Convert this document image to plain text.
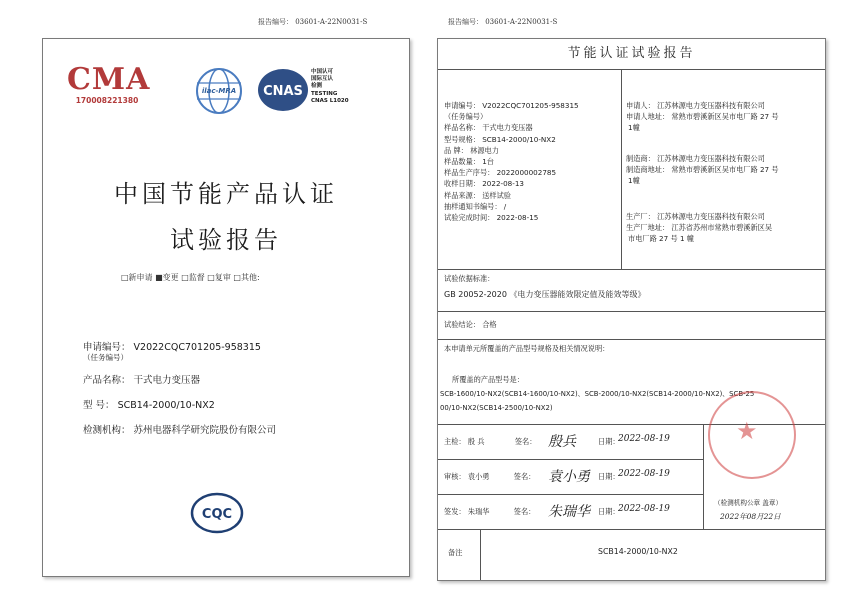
报告编号： 03601-A-22N0031-S
CMA
170008221380
ilac-MRA	CNAS
中国认可
国际互认
检测
TESTING
CNAS L1020
中国节能产品认证
试验报告
□新申请 ■变更 □监督 □复审 □其他:
申请编号： V2022CQC701205-958315
（任务编号）
产品名称： 干式电力变压器
型 号： SCB14-2000/10-NX2
检测机构： 苏州电器科学研究院股份有限公司
CQC
报告编号： 03601-A-22N0031-S
节能认证试验报告
申请编号： V2022CQC701205-958315
（任务编号）
样品名称： 干式电力变压器
型号规格： SCB14-2000/10-NX2
品 牌： 林源电力
样品数量： 1台
样品生产序号： 2022000002785
收样日期： 2022-08-13
样品来源： 送样试验
抽样通知书编号： /
试验完成时间： 2022-08-15
申请人： 江苏林源电力变压器科技有限公司
申请人地址： 常熟市碧溪新区吴市电厂路 27 号
1幢
制造商： 江苏林源电力变压器科技有限公司
制造商地址： 常熟市碧溪新区吴市电厂路 27 号
1幢
生产厂： 江苏林源电力变压器科技有限公司
生产厂地址： 江苏省苏州市常熟市碧溪新区吴
市电厂路 27 号 1 幢
试验依据标准：
GB 20052-2020 《电力变压器能效限定值及能效等级》
试验结论： 合格
本申请单元所覆盖的产品型号规格及相关情况说明：
所覆盖的产品型号是：
SCB-1600/10-NX2(SCB14-1600/10-NX2)、SCB-2000/10-NX2(SCB14-2000/10-NX2)、SCB-25
00/10-NX2(SCB14-2500/10-NX2)
★
主检： 殷 兵	签名： 殷兵	日期：
2022-08-19
审核： 袁小勇	签名： 袁小勇 日期：
2022-08-19
签发： 朱瑞华	签名： 朱瑞华 日期：
2022-08-19
（检测机构公章 盖章）
2022年08月22日
备注	SCB14-2000/10-NX2
